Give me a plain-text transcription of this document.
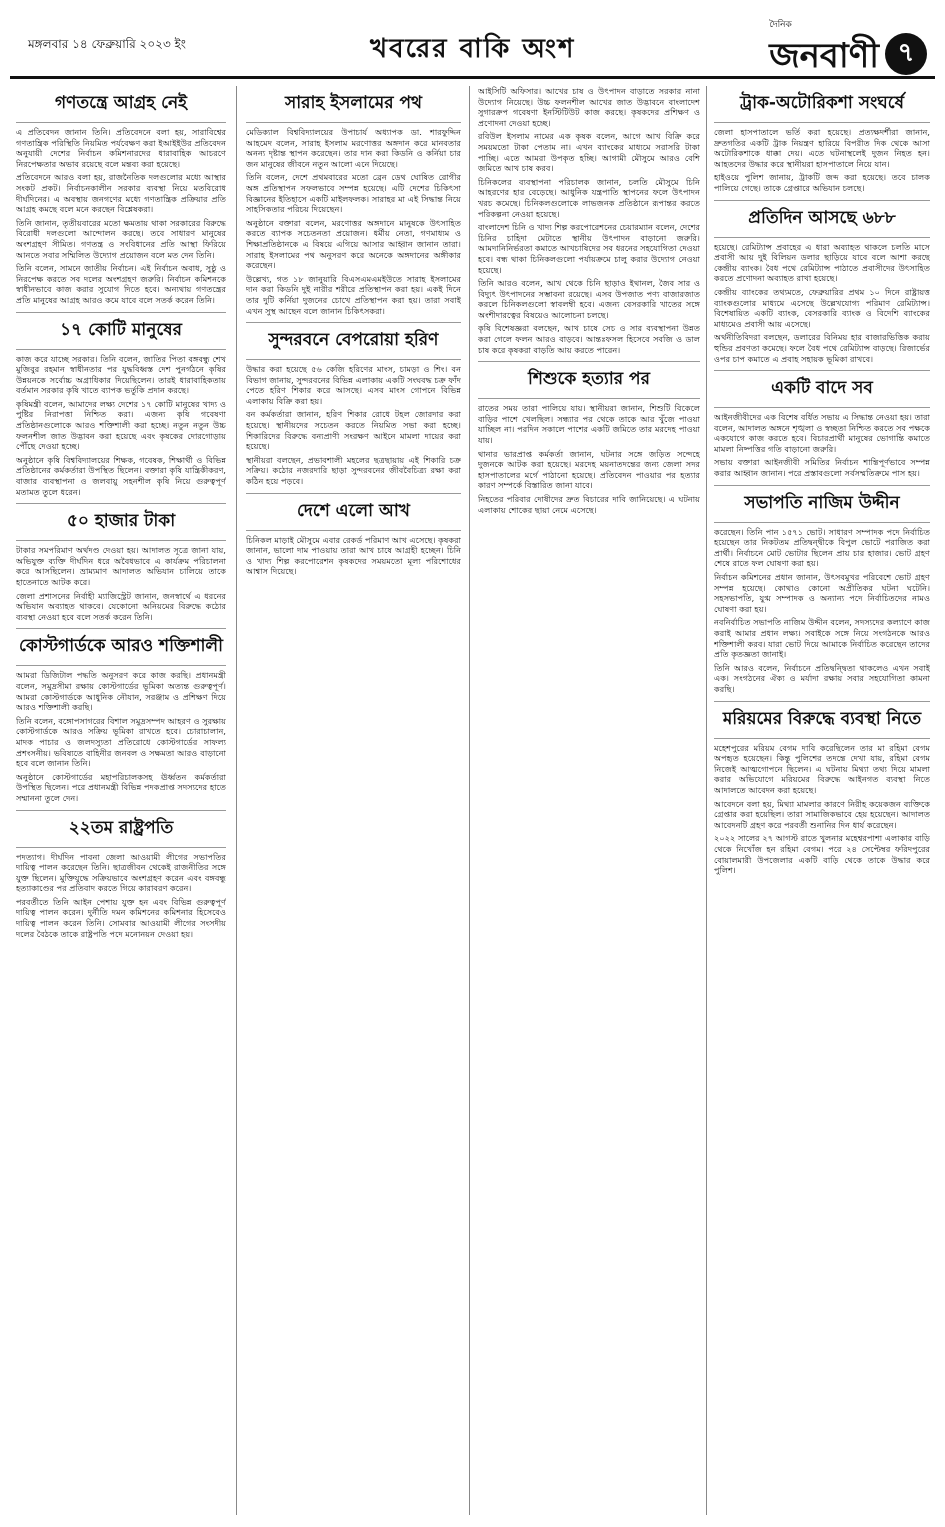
মঙ্গলবার ১৪ ফেব্রুয়ারি ২০২৩ ইং	খবরের বাকি অংশ
দৈনিক
জনবাণী ৭
গণতন্ত্রে আগ্রহ নেই

এ প্রতিবেদন জানান তিনি। প্রতিবেদনে বলা হয়, সারাবিশ্বের গণতান্ত্রিক পরিস্থিতি নিয়মিত পর্যবেক্ষণ করা ইআইইউর প্রতিবেদন অনুযায়ী দেশের নির্বাচন কমিশনারদের ধারাবাহিক আচরণে নিরপেক্ষতার অভাব রয়েছে বলে মন্তব্য করা হয়েছে।

প্রতিবেদনে আরও বলা হয়, রাজনৈতিক দলগুলোর মধ্যে আস্থার সংকট প্রকট। নির্বাচনকালীন সরকার ব্যবস্থা নিয়ে মতবিরোধ দীর্ঘদিনের। এ অবস্থায় জনগণের মধ্যে গণতান্ত্রিক প্রক্রিয়ার প্রতি আগ্রহ কমছে বলে মনে করছেন বিশ্লেষকরা।

তিনি জানান, তৃতীয়বারের মতো ক্ষমতায় থাকা সরকারের বিরুদ্ধে বিরোধী দলগুলো আন্দোলন করছে। তবে সাধারণ মানুষের অংশগ্রহণ সীমিত। গণতন্ত্র ও সংবিধানের প্রতি আস্থা ফিরিয়ে আনতে সবার সম্মিলিত উদ্যোগ প্রয়োজন বলে মত দেন তিনি।

তিনি বলেন, সামনে জাতীয় নির্বাচন। এই নির্বাচন অবাধ, সুষ্ঠু ও নিরপেক্ষ করতে সব দলের অংশগ্রহণ জরুরি। নির্বাচন কমিশনকে স্বাধীনভাবে কাজ করার সুযোগ দিতে হবে। অন্যথায় গণতন্ত্রের প্রতি মানুষের আগ্রহ আরও কমে যাবে বলে সতর্ক করেন তিনি।

১৭ কোটি মানুষের

কাজ করে যাচ্ছে সরকার। তিনি বলেন, জাতির পিতা বঙ্গবন্ধু শেখ মুজিবুর রহমান স্বাধীনতার পর যুদ্ধবিধ্বস্ত দেশ পুনর্গঠনে কৃষির উন্নয়নকে সর্বোচ্চ অগ্রাধিকার দিয়েছিলেন। তারই ধারাবাহিকতায় বর্তমান সরকার কৃষি খাতে ব্যাপক ভর্তুকি প্রদান করছে।

কৃষিমন্ত্রী বলেন, আমাদের লক্ষ্য দেশের ১৭ কোটি মানুষের খাদ্য ও পুষ্টির নিরাপত্তা নিশ্চিত করা। এজন্য কৃষি গবেষণা প্রতিষ্ঠানগুলোকে আরও শক্তিশালী করা হচ্ছে। নতুন নতুন উচ্চ ফলনশীল জাত উদ্ভাবন করা হয়েছে এবং কৃষকের দোরগোড়ায় পৌঁছে দেওয়া হচ্ছে।

অনুষ্ঠানে কৃষি বিশ্ববিদ্যালয়ের শিক্ষক, গবেষক, শিক্ষার্থী ও বিভিন্ন প্রতিষ্ঠানের কর্মকর্তারা উপস্থিত ছিলেন। বক্তারা কৃষি যান্ত্রিকীকরণ, বাজার ব্যবস্থাপনা ও জলবায়ু সহনশীল কৃষি নিয়ে গুরুত্বপূর্ণ মতামত তুলে ধরেন।

৫০ হাজার টাকা

টাকার সমপরিমাণ অর্থদণ্ড দেওয়া হয়। আদালত সূত্রে জানা যায়, অভিযুক্ত ব্যক্তি দীর্ঘদিন ধরে অবৈধভাবে এ কার্যক্রম পরিচালনা করে আসছিলেন। ভ্রাম্যমাণ আদালত অভিযান চালিয়ে তাকে হাতেনাতে আটক করে।

জেলা প্রশাসনের নির্বাহী ম্যাজিস্ট্রেট জানান, জনস্বার্থে এ ধরনের অভিযান অব্যাহত থাকবে। যেকোনো অনিয়মের বিরুদ্ধে কঠোর ব্যবস্থা নেওয়া হবে বলে সতর্ক করেন তিনি।

কোস্টগার্ডকে আরও শক্তিশালী

আমরা ডিজিটাল পদ্ধতি অনুসরণ করে কাজ করছি। প্রধানমন্ত্রী বলেন, সমুদ্রসীমা রক্ষায় কোস্টগার্ডের ভূমিকা অত্যন্ত গুরুত্বপূর্ণ। আমরা কোস্টগার্ডকে আধুনিক নৌযান, সরঞ্জাম ও প্রশিক্ষণ দিয়ে আরও শক্তিশালী করছি।

তিনি বলেন, বঙ্গোপসাগরের বিশাল সমুদ্রসম্পদ আহরণ ও সুরক্ষায় কোস্টগার্ডকে আরও সক্রিয় ভূমিকা রাখতে হবে। চোরাচালান, মাদক পাচার ও জলদস্যুতা প্রতিরোধে কোস্টগার্ডের সাফল্য প্রশংসনীয়। ভবিষ্যতে বাহিনীর জনবল ও সক্ষমতা আরও বাড়ানো হবে বলে জানান তিনি।

অনুষ্ঠানে কোস্টগার্ডের মহাপরিচালকসহ ঊর্ধ্বতন কর্মকর্তারা উপস্থিত ছিলেন। পরে প্রধানমন্ত্রী বিভিন্ন পদকপ্রাপ্ত সদস্যদের হাতে সম্মাননা তুলে দেন।

২২তম রাষ্ট্রপতি

পদত্যাগ। দীর্ঘদিন পাবনা জেলা আওয়ামী লীগের সভাপতির দায়িত্ব পালন করেছেন তিনি। ছাত্রজীবন থেকেই রাজনীতির সঙ্গে যুক্ত ছিলেন। মুক্তিযুদ্ধে সক্রিয়ভাবে অংশগ্রহণ করেন এবং বঙ্গবন্ধু হত্যাকাণ্ডের পর প্রতিবাদ করতে গিয়ে কারাবরণ করেন।

পরবর্তীতে তিনি আইন পেশায় যুক্ত হন এবং বিভিন্ন গুরুত্বপূর্ণ দায়িত্ব পালন করেন। দুর্নীতি দমন কমিশনের কমিশনার হিসেবেও দায়িত্ব পালন করেন তিনি। সোমবার আওয়ামী লীগের সংসদীয় দলের বৈঠকে তাকে রাষ্ট্রপতি পদে মনোনয়ন দেওয়া হয়।

সারাহ ইসলামের পথ

মেডিক্যাল বিশ্ববিদ্যালয়ের উপাচার্য অধ্যাপক ডা. শারফুদ্দিন আহমেদ বলেন, সারাহ ইসলাম মরণোত্তর অঙ্গদান করে মানবতার অনন্য দৃষ্টান্ত স্থাপন করেছেন। তার দান করা কিডনি ও কর্নিয়া চার জন মানুষের জীবনে নতুন আলো এনে দিয়েছে।

তিনি বলেন, দেশে প্রথমবারের মতো ব্রেন ডেথ ঘোষিত রোগীর অঙ্গ প্রতিস্থাপন সফলভাবে সম্পন্ন হয়েছে। এটি দেশের চিকিৎসা বিজ্ঞানের ইতিহাসে একটি মাইলফলক। সারাহর মা এই সিদ্ধান্ত নিয়ে সাহসিকতার পরিচয় দিয়েছেন।

অনুষ্ঠানে বক্তারা বলেন, মরণোত্তর অঙ্গদানে মানুষকে উৎসাহিত করতে ব্যাপক সচেতনতা প্রয়োজন। ধর্মীয় নেতা, গণমাধ্যম ও শিক্ষাপ্রতিষ্ঠানকে এ বিষয়ে এগিয়ে আসার আহ্বান জানান তারা। সারাহ ইসলামের পথ অনুসরণ করে অনেকে অঙ্গদানের অঙ্গীকার করেছেন।

উল্লেখ্য, গত ১৮ জানুয়ারি বিএসএমএমইউতে সারাহ ইসলামের দান করা কিডনি দুই নারীর শরীরে প্রতিস্থাপন করা হয়। একই দিনে তার দুটি কর্নিয়া দুজনের চোখে প্রতিস্থাপন করা হয়। তারা সবাই এখন সুস্থ আছেন বলে জানান চিকিৎসকরা।

সুন্দরবনে বেপরোয়া হরিণ

উদ্ধার করা হয়েছে ৫৬ কেজি হরিণের মাংস, চামড়া ও শিং। বন বিভাগ জানায়, সুন্দরবনের বিভিন্ন এলাকায় একটি সংঘবদ্ধ চক্র ফাঁদ পেতে হরিণ শিকার করে আসছে। এসব মাংস গোপনে বিভিন্ন এলাকায় বিক্রি করা হয়।

বন কর্মকর্তারা জানান, হরিণ শিকার রোধে টহল জোরদার করা হয়েছে। স্থানীয়দের সচেতন করতে নিয়মিত সভা করা হচ্ছে। শিকারিদের বিরুদ্ধে বন্যপ্রাণী সংরক্ষণ আইনে মামলা দায়ের করা হয়েছে।

স্থানীয়রা বলছেন, প্রভাবশালী মহলের ছত্রছায়ায় এই শিকারি চক্র সক্রিয়। কঠোর নজরদারি ছাড়া সুন্দরবনের জীববৈচিত্র্য রক্ষা করা কঠিন হয়ে পড়বে।

দেশে এলো আখ

চিনিকল মাড়াই মৌসুমে এবার রেকর্ড পরিমাণ আখ এসেছে। কৃষকরা জানান, ভালো দাম পাওয়ায় তারা আখ চাষে আগ্রহী হচ্ছেন। চিনি ও খাদ্য শিল্প করপোরেশন কৃষকদের সময়মতো মূল্য পরিশোধের আশ্বাস দিয়েছে।

আইসিটি অফিসার। আখের চাষ ও উৎপাদন বাড়াতে সরকার নানা উদ্যোগ নিয়েছে। উচ্চ ফলনশীল আখের জাত উদ্ভাবনে বাংলাদেশ সুগারক্রপ গবেষণা ইনস্টিটিউট কাজ করছে। কৃষকদের প্রশিক্ষণ ও প্রণোদনা দেওয়া হচ্ছে।

রবিউল ইসলাম নামের এক কৃষক বলেন, আগে আখ বিক্রি করে সময়মতো টাকা পেতাম না। এখন ব্যাংকের মাধ্যমে সরাসরি টাকা পাচ্ছি। এতে আমরা উপকৃত হচ্ছি। আগামী মৌসুমে আরও বেশি জমিতে আখ চাষ করব।

চিনিকলের ব্যবস্থাপনা পরিচালক জানান, চলতি মৌসুমে চিনি আহরণের হার বেড়েছে। আধুনিক যন্ত্রপাতি স্থাপনের ফলে উৎপাদন খরচ কমেছে। চিনিকলগুলোকে লাভজনক প্রতিষ্ঠানে রূপান্তর করতে পরিকল্পনা নেওয়া হয়েছে।

বাংলাদেশ চিনি ও খাদ্য শিল্প করপোরেশনের চেয়ারম্যান বলেন, দেশের চিনির চাহিদা মেটাতে স্থানীয় উৎপাদন বাড়ানো জরুরি। আমদানিনির্ভরতা কমাতে আখচাষিদের সব ধরনের সহযোগিতা দেওয়া হবে। বন্ধ থাকা চিনিকলগুলো পর্যায়ক্রমে চালু করার উদ্যোগ নেওয়া হয়েছে।

তিনি আরও বলেন, আখ থেকে চিনি ছাড়াও ইথানল, জৈব সার ও বিদ্যুৎ উৎপাদনের সম্ভাবনা রয়েছে। এসব উপজাত পণ্য বাজারজাত করলে চিনিকলগুলো স্বাবলম্বী হবে। এজন্য বেসরকারি খাতের সঙ্গে অংশীদারত্বের বিষয়েও আলোচনা চলছে।

কৃষি বিশেষজ্ঞরা বলছেন, আখ চাষে সেচ ও সার ব্যবস্থাপনা উন্নত করা গেলে ফলন আরও বাড়বে। আন্তঃফসল হিসেবে সবজি ও ডাল চাষ করে কৃষকরা বাড়তি আয় করতে পারেন।

শিশুকে হত্যার পর

রাতের সময় তারা পালিয়ে যায়। স্থানীয়রা জানান, শিশুটি বিকেলে বাড়ির পাশে খেলছিল। সন্ধ্যার পর থেকে তাকে আর খুঁজে পাওয়া যাচ্ছিল না। পরদিন সকালে পাশের একটি জমিতে তার মরদেহ পাওয়া যায়।

থানার ভারপ্রাপ্ত কর্মকর্তা জানান, ঘটনার সঙ্গে জড়িত সন্দেহে দুজনকে আটক করা হয়েছে। মরদেহ ময়নাতদন্তের জন্য জেলা সদর হাসপাতালের মর্গে পাঠানো হয়েছে। প্রতিবেদন পাওয়ার পর হত্যার কারণ সম্পর্কে বিস্তারিত জানা যাবে।

নিহতের পরিবার দোষীদের দ্রুত বিচারের দাবি জানিয়েছে। এ ঘটনায় এলাকায় শোকের ছায়া নেমে এসেছে।

ট্রাক-অটোরিকশা সংঘর্ষে

জেলা হাসপাতালে ভর্তি করা হয়েছে। প্রত্যক্ষদর্শীরা জানান, দ্রুতগতির একটি ট্রাক নিয়ন্ত্রণ হারিয়ে বিপরীত দিক থেকে আসা অটোরিকশাকে ধাক্কা দেয়। এতে ঘটনাস্থলেই দুজন নিহত হন। আহতদের উদ্ধার করে স্থানীয়রা হাসপাতালে নিয়ে যান।

হাইওয়ে পুলিশ জানায়, ট্রাকটি জব্দ করা হয়েছে। তবে চালক পালিয়ে গেছে। তাকে গ্রেপ্তারে অভিযান চলছে।

প্রতিদিন আসছে ৬৮৮

হয়েছে। রেমিট্যান্স প্রবাহের এ ধারা অব্যাহত থাকলে চলতি মাসে প্রবাসী আয় দুই বিলিয়ন ডলার ছাড়িয়ে যাবে বলে আশা করছে কেন্দ্রীয় ব্যাংক। বৈধ পথে রেমিট্যান্স পাঠাতে প্রবাসীদের উৎসাহিত করতে প্রণোদনা অব্যাহত রাখা হয়েছে।

কেন্দ্রীয় ব্যাংকের তথ্যমতে, ফেব্রুয়ারির প্রথম ১০ দিনে রাষ্ট্রায়ত্ত ব্যাংকগুলোর মাধ্যমে এসেছে উল্লেখযোগ্য পরিমাণ রেমিট্যান্স। বিশেষায়িত একটি ব্যাংক, বেসরকারি ব্যাংক ও বিদেশি ব্যাংকের মাধ্যমেও প্রবাসী আয় এসেছে।

অর্থনীতিবিদরা বলছেন, ডলারের বিনিময় হার বাজারভিত্তিক করায় হুন্ডির প্রবণতা কমেছে। ফলে বৈধ পথে রেমিট্যান্স বাড়ছে। রিজার্ভের ওপর চাপ কমাতে এ প্রবাহ সহায়ক ভূমিকা রাখবে।

একটি বাদে সব

আইনজীবীদের এক বিশেষ বর্ধিত সভায় এ সিদ্ধান্ত নেওয়া হয়। তারা বলেন, আদালত অঙ্গনে শৃঙ্খলা ও স্বচ্ছতা নিশ্চিত করতে সব পক্ষকে একযোগে কাজ করতে হবে। বিচারপ্রার্থী মানুষের ভোগান্তি কমাতে মামলা নিষ্পত্তির গতি বাড়ানো জরুরি।

সভায় বক্তারা আইনজীবী সমিতির নির্বাচন শান্তিপূর্ণভাবে সম্পন্ন করার আহ্বান জানান। পরে প্রস্তাবগুলো সর্বসম্মতিক্রমে পাস হয়।

সভাপতি নাজিম উদ্দীন

করেছেন। তিনি পান ১৫৭১ ভোট। সাধারণ সম্পাদক পদে নির্বাচিত হয়েছেন তার নিকটতম প্রতিদ্বন্দ্বীকে বিপুল ভোটে পরাজিত করা প্রার্থী। নির্বাচনে মোট ভোটার ছিলেন প্রায় চার হাজার। ভোট গ্রহণ শেষে রাতে ফল ঘোষণা করা হয়।

নির্বাচন কমিশনের প্রধান জানান, উৎসবমুখর পরিবেশে ভোট গ্রহণ সম্পন্ন হয়েছে। কোথাও কোনো অপ্রীতিকর ঘটনা ঘটেনি। সহসভাপতি, যুগ্ম সম্পাদক ও অন্যান্য পদে নির্বাচিতদের নামও ঘোষণা করা হয়।

নবনির্বাচিত সভাপতি নাজিম উদ্দীন বলেন, সদস্যদের কল্যাণে কাজ করাই আমার প্রধান লক্ষ্য। সবাইকে সঙ্গে নিয়ে সংগঠনকে আরও শক্তিশালী করব। যারা ভোট দিয়ে আমাকে নির্বাচিত করেছেন তাদের প্রতি কৃতজ্ঞতা জানাই।

তিনি আরও বলেন, নির্বাচনে প্রতিদ্বন্দ্বিতা থাকলেও এখন সবাই এক। সংগঠনের ঐক্য ও মর্যাদা রক্ষায় সবার সহযোগিতা কামনা করছি।

মরিয়মের বিরুদ্ধে ব্যবস্থা নিতে

মহেশপুরের মরিয়ম বেগম দাবি করেছিলেন তার মা রহিমা বেগম অপহৃত হয়েছেন। কিন্তু পুলিশের তদন্তে দেখা যায়, রহিমা বেগম নিজেই আত্মগোপনে ছিলেন। এ ঘটনায় মিথ্যা তথ্য দিয়ে মামলা করার অভিযোগে মরিয়মের বিরুদ্ধে আইনগত ব্যবস্থা নিতে আদালতে আবেদন করা হয়েছে।

আবেদনে বলা হয়, মিথ্যা মামলার কারণে নিরীহ কয়েকজন ব্যক্তিকে গ্রেপ্তার করা হয়েছিল। তারা সামাজিকভাবে হেয় হয়েছেন। আদালত আবেদনটি গ্রহণ করে পরবর্তী শুনানির দিন ধার্য করেছেন।

২০২২ সালের ২৭ আগস্ট রাতে খুলনার মহেশ্বরপাশা এলাকার বাড়ি থেকে নিখোঁজ হন রহিমা বেগম। পরে ২৪ সেপ্টেম্বর ফরিদপুরের বোয়ালমারী উপজেলার একটি বাড়ি থেকে তাকে উদ্ধার করে পুলিশ।
